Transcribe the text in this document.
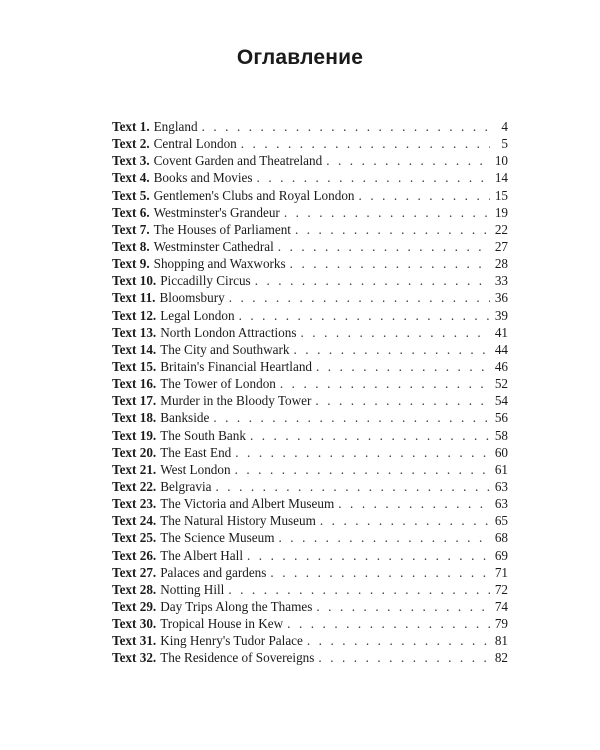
Оглавление
Text 1. England . . .	4
Text 2. Central London . . .	5
Text 3. Covent Garden and Theatreland . . .	10
Text 4. Books and Movies . . .	14
Text 5. Gentlemen's Clubs and Royal London . . .	15
Text 6. Westminster's Grandeur . . .	19
Text 7. The Houses of Parliament . . .	22
Text 8. Westminster Cathedral . . .	27
Text 9. Shopping and Waxworks . . .	28
Text 10. Piccadilly Circus . . .	33
Text 11. Bloomsbury . . .	36
Text 12. Legal London . . .	39
Text 13. North London Attractions . . .	41
Text 14. The City and Southwark . . .	44
Text 15. Britain's Financial Heartland . . .	46
Text 16. The Tower of London . . .	52
Text 17. Murder in the Bloody Tower . . .	54
Text 18. Bankside . . .	56
Text 19. The South Bank . . .	58
Text 20. The East End . . .	60
Text 21. West London . . .	61
Text 22. Belgravia . . .	63
Text 23. The Victoria and Albert Museum . . .	63
Text 24. The Natural History Museum . . .	65
Text 25. The Science Museum . . .	68
Text 26. The Albert Hall . . .	69
Text 27. Palaces and gardens . . .	71
Text 28. Notting Hill . . .	72
Text 29. Day Trips Along the Thames . . .	74
Text 30. Tropical House in Kew . . .	79
Text 31. King Henry's Tudor Palace . . .	81
Text 32. The Residence of Sovereigns . . .	82
